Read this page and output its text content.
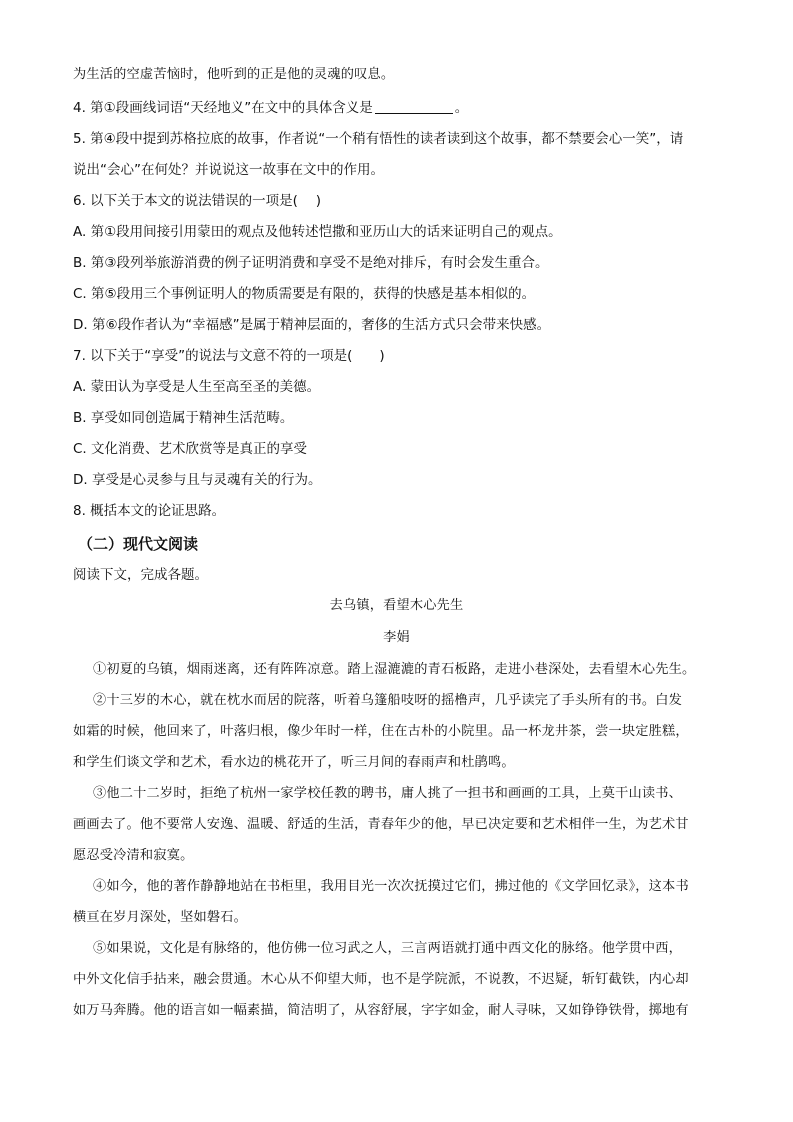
为生活的空虚苦恼时，他听到的正是他的灵魂的叹息。
4. 第①段画线词语“天经地义”在文中的具体含义是	。
5. 第④段中提到苏格拉底的故事，作者说“一个稍有悟性的读者读到这个故事，都不禁要会心一笑”，请
说出“会心”在何处？并说说这一故事在文中的作用。
6. 以下关于本文的说法错误的一项是(　 )
A. 第①段用间接引用蒙田的观点及他转述恺撒和亚历山大的话来证明自己的观点。
B. 第③段列举旅游消费的例子证明消费和享受不是绝对排斥，有时会发生重合。
C. 第⑤段用三个事例证明人的物质需要是有限的，获得的快感是基本相似的。
D. 第⑥段作者认为“幸福感”是属于精神层面的，奢侈的生活方式只会带来快感。
7. 以下关于“享受”的说法与文意不符的一项是(　　)
A. 蒙田认为享受是人生至高至圣的美德。
B. 享受如同创造属于精神生活范畴。
C. 文化消费、艺术欣赏等是真正的享受
D. 享受是心灵参与且与灵魂有关的行为。
8. 概括本文的论证思路。
（二）现代文阅读
阅读下文，完成各题。
去乌镇，看望木心先生
李娟
①初夏的乌镇，烟雨迷离，还有阵阵凉意。踏上湿漉漉的青石板路，走进小巷深处，去看望木心先生。
②十三岁的木心，就在枕水而居的院落，听着乌篷船吱呀的摇橹声，几乎读完了手头所有的书。白发
如霜的时候，他回来了，叶落归根，像少年时一样，住在古朴的小院里。品一杯龙井茶，尝一块定胜糕，
和学生们谈文学和艺术，看水边的桃花开了，听三月间的春雨声和杜鹃鸣。
③他二十二岁时，拒绝了杭州一家学校任教的聘书，庸人挑了一担书和画画的工具，上莫干山读书、
画画去了。他不要常人安逸、温暖、舒适的生活，青春年少的他，早已决定要和艺术相伴一生，为艺术甘
愿忍受冷清和寂寞。
④如今，他的著作静静地站在书柜里，我用目光一次次抚摸过它们，拂过他的《文学回忆录》，这本书
横亘在岁月深处，坚如磐石。
⑤如果说，文化是有脉络的，他仿佛一位习武之人，三言两语就打通中西文化的脉络。他学贯中西，
中外文化信手拈来，融会贯通。木心从不仰望大师，也不是学院派，不说教，不迟疑，斩钉截铁，内心却
如万马奔腾。他的语言如一幅素描，简洁明了，从容舒展，字字如金，耐人寻味，又如铮铮铁骨，掷地有
